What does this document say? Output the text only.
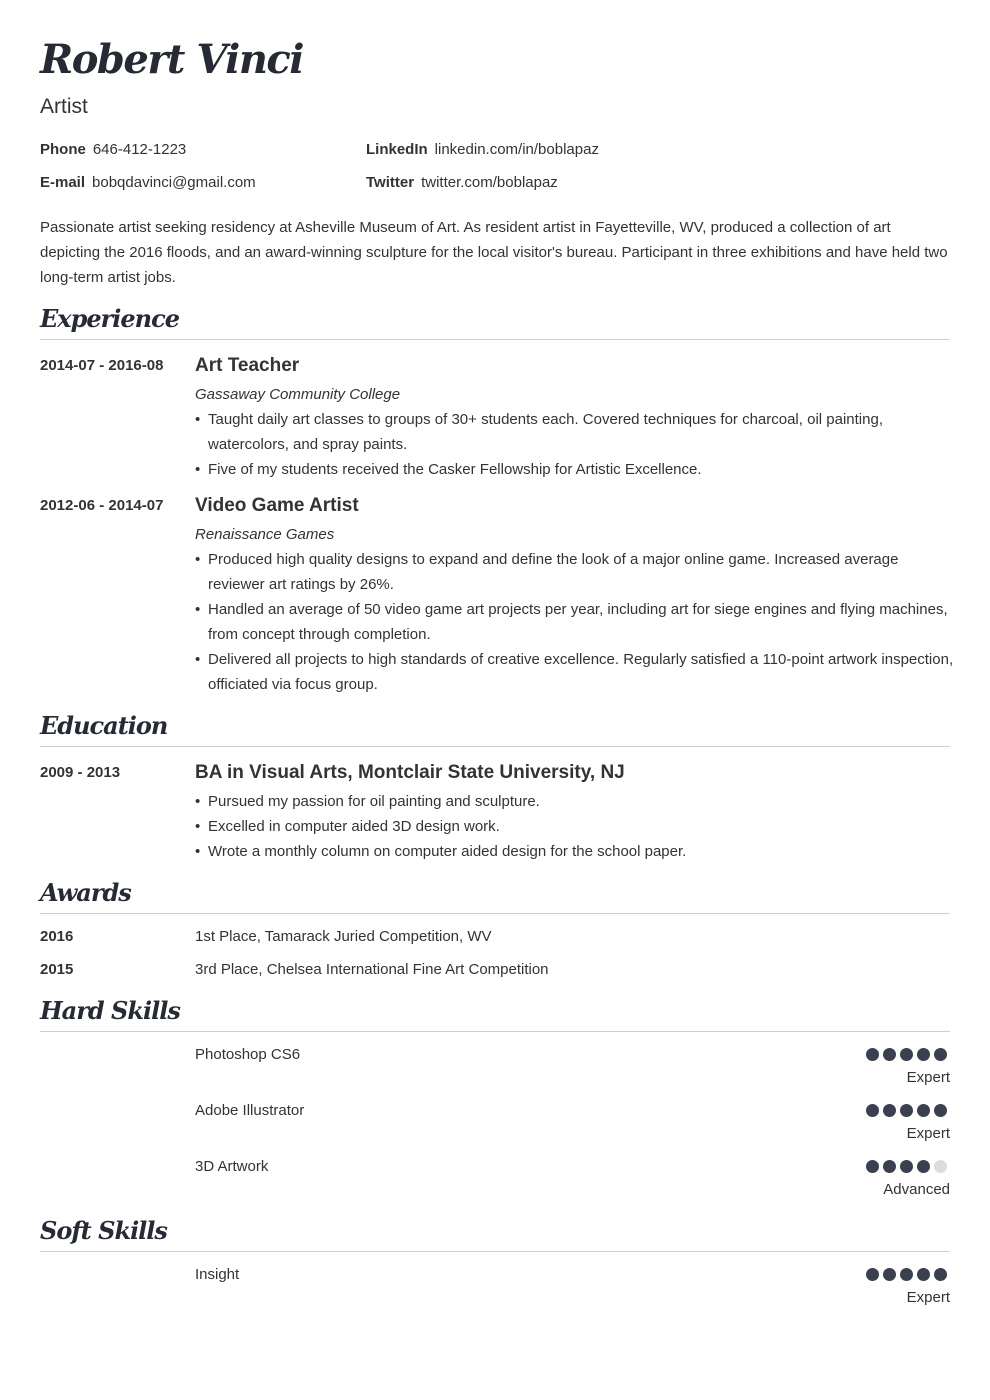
Robert Vinci
Artist
Phone 646-412-1223
E-mail bobqdavinci@gmail.com
LinkedIn linkedin.com/in/boblapaz
Twitter twitter.com/boblapaz

Passionate artist seeking residency at Asheville Museum of Art. As resident artist in Fayetteville, WV, produced a collection of art depicting the 2016 floods, and an award-winning sculpture for the local visitor's bureau. Participant in three exhibitions and have held two long-term artist jobs.

Experience
2014-07 - 2016-08 Art Teacher
Gassaway Community College
• Taught daily art classes to groups of 30+ students each. Covered techniques for charcoal, oil painting, watercolors, and spray paints.
• Five of my students received the Casker Fellowship for Artistic Excellence.
2012-06 - 2014-07 Video Game Artist
Renaissance Games
• Produced high quality designs to expand and define the look of a major online game. Increased average reviewer art ratings by 26%.
• Handled an average of 50 video game art projects per year, including art for siege engines and flying machines, from concept through completion.
• Delivered all projects to high standards of creative excellence. Regularly satisfied a 110-point artwork inspection, officiated via focus group.
Education
2009 - 2013	BA in Visual Arts, Montclair State University, NJ
• Pursued my passion for oil painting and sculpture.
• Excelled in computer aided 3D design work.
• Wrote a monthly column on computer aided design for the school paper.
Awards
2016	1st Place, Tamarack Juried Competition, WV
2015	3rd Place, Chelsea International Fine Art Competition
Hard Skills
Photoshop CS6
Expert
Adobe Illustrator
Expert
3D Artwork
Advanced
Soft Skills
Insight
Expert
